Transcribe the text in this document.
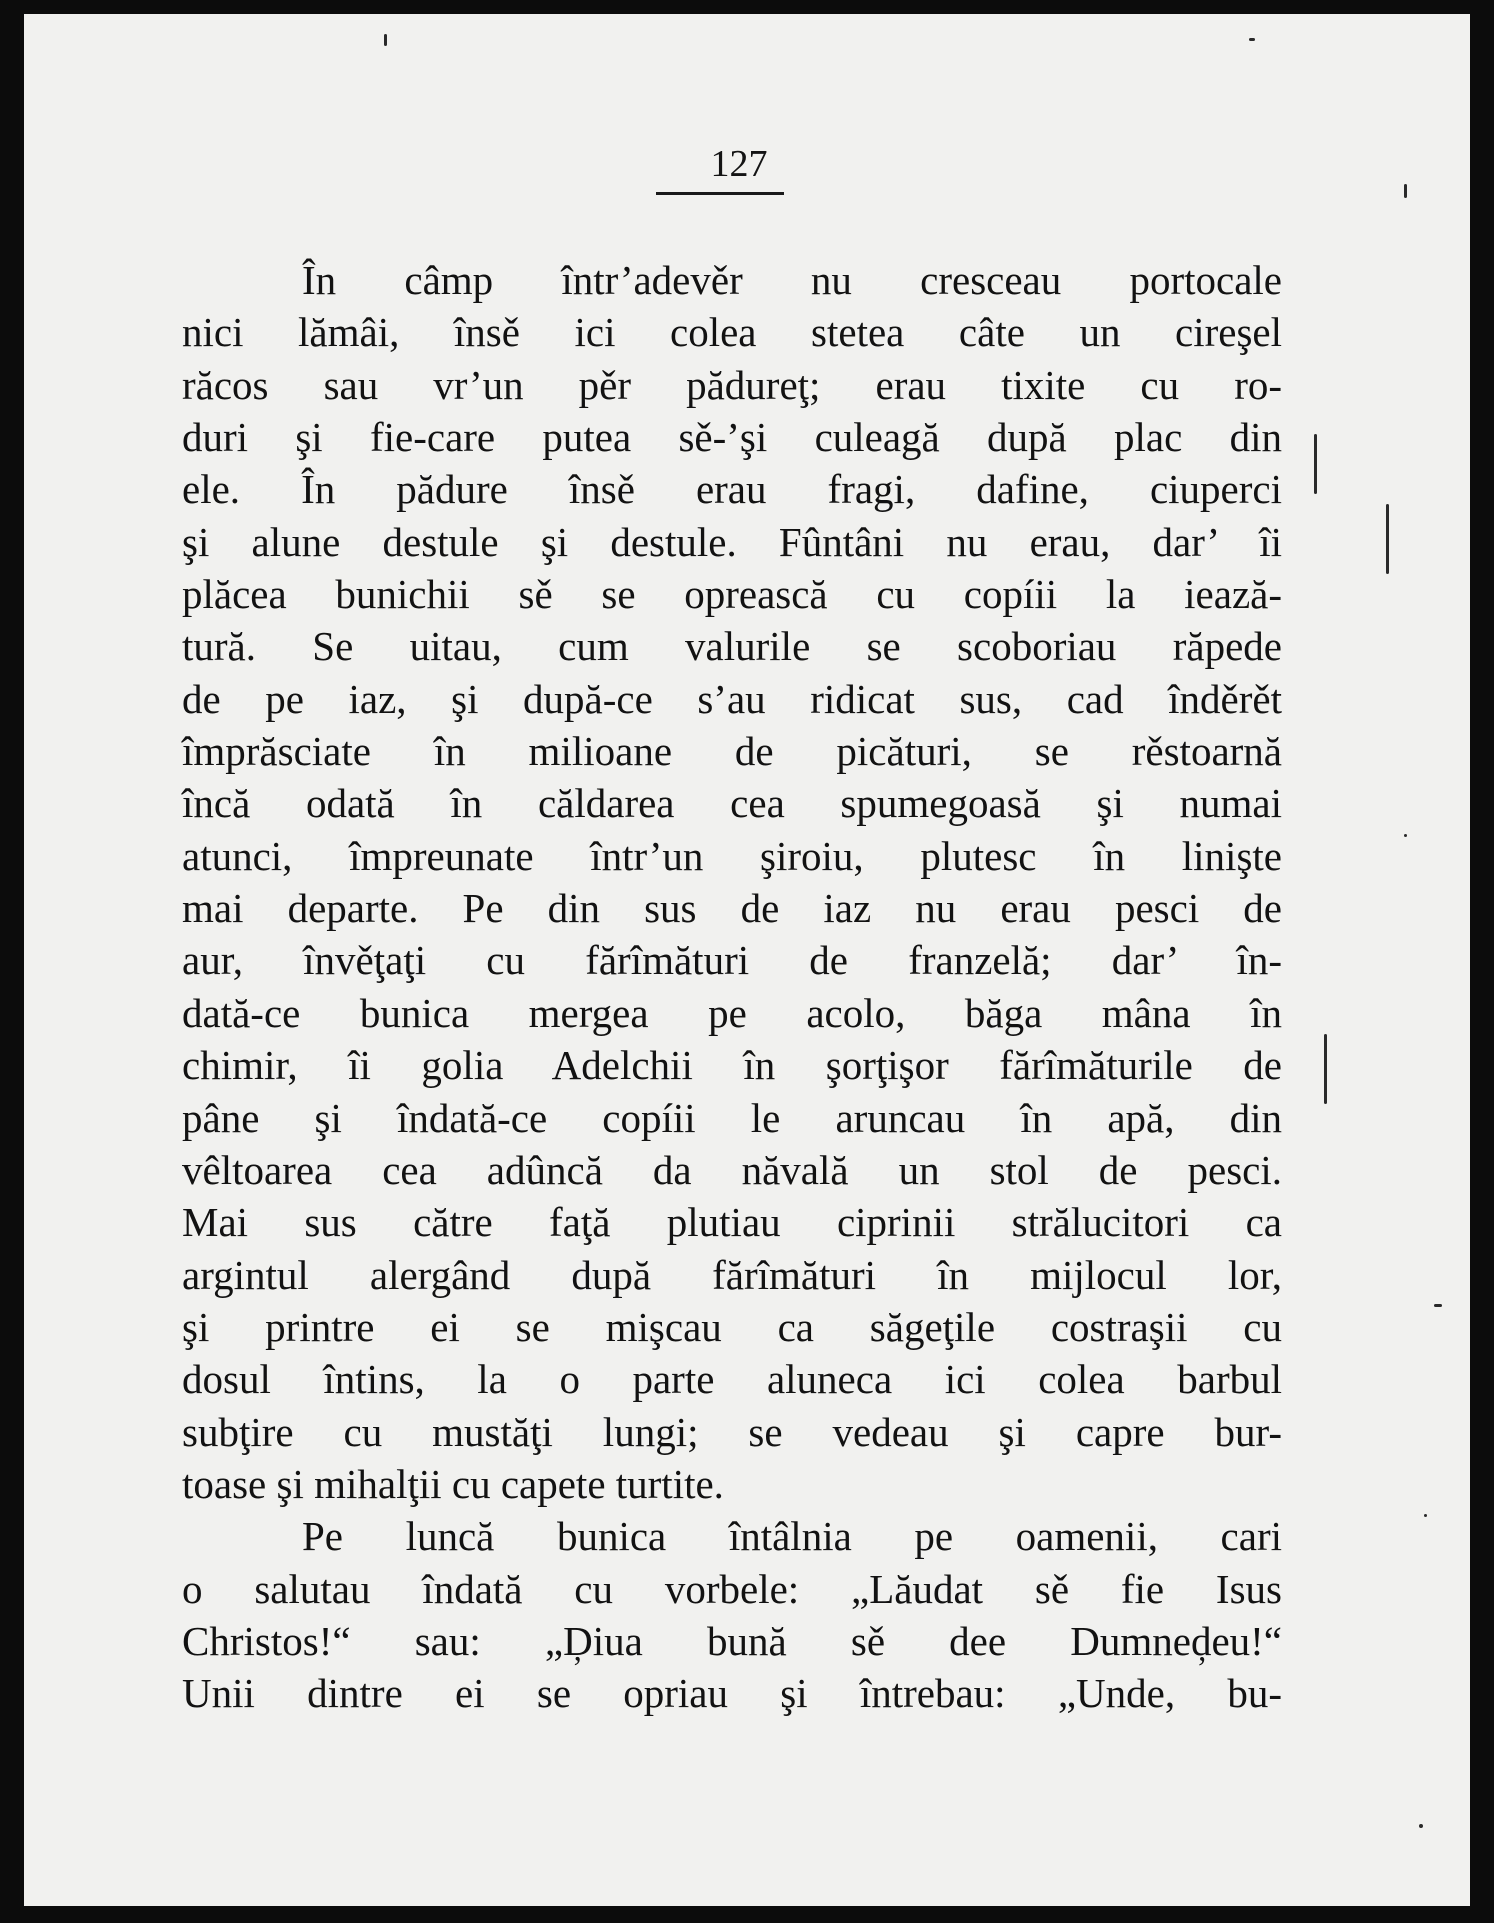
127
În câmp într’adevěr nu cresceau portocale
nici lămâi, însě ici colea stetea câte un cireşel
răcos sau vr’un pěr pădureţ; erau tixite cu ro-
duri şi fie-care putea sě-’şi culeagă după plac din
ele. În pădure însě erau fragi, dafine, ciuperci
şi alune destule şi destule. Fûntâni nu erau, dar’ îi
plăcea bunichii sě se oprească cu copíii la iează-
tură. Se uitau, cum valurile se scoboriau răpede
de pe iaz, şi după-ce s’au ridicat sus, cad înděrět
împrăsciate în milioane de picături, se rěstoarnă
încă odată în căldarea cea spumegoasă şi numai
atunci, împreunate într’un şiroiu, plutesc în linişte
mai departe. Pe din sus de iaz nu erau pesci de
aur, învěţaţi cu fărîmături de franzelă; dar’ în-
dată-ce bunica mergea pe acolo, băga mâna în
chimir, îi golia Adelchii în şorţişor fărîmăturile de
pâne şi îndată-ce copíii le aruncau în apă, din
vêltoarea cea adûncă da năvală un stol de pesci.
Mai sus către faţă plutiau ciprinii strălucitori ca
argintul alergând după fărîmături în mijlocul lor,
şi printre ei se mişcau ca săgeţile costraşii cu
dosul întins, la o parte aluneca ici colea barbul
subţire cu mustăţi lungi; se vedeau şi capre bur-
toase şi mihalţii cu capete turtite.
Pe luncă bunica întâlnia pe oamenii, cari
o salutau îndată cu vorbele: „Lăudat sě fie Isus
Christos!“ sau: „Ḑiua bună sě dee Dumneḑeu!“
Unii dintre ei se opriau şi întrebau: „Unde, bu-
